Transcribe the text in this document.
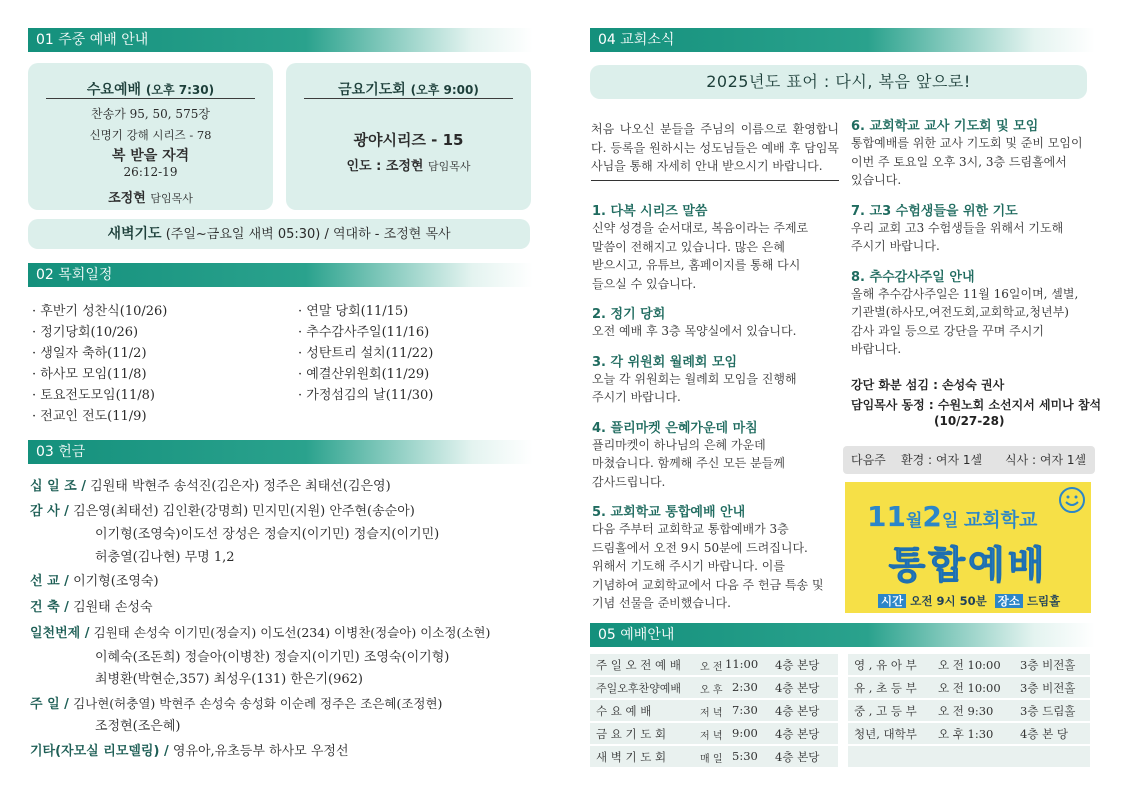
01 주중 예배 안내
수요예배 (오후 7:30)
찬송가 95, 50, 575장
신명기 강해 시리즈 - 78
복 받을 자격
26:12-19
조정현 담임목사
금요기도회 (오후 9:00)
광야시리즈 - 15
인도 : 조정현 담임목사
새벽기도 (주일~금요일 새벽 05:30) / 역대하 - 조정현 목사
02 목회일정
· 후반기 성찬식(10/26)
· 정기당회(10/26)
· 생일자 축하(11/2)
· 하사모 모임(11/8)
· 토요전도모임(11/8)
· 전교인 전도(11/9)
· 연말 당회(11/15)
· 추수감사주일(11/16)
· 성탄트리 설치(11/22)
· 예결산위원회(11/29)
· 가정섬김의 날(11/30)
03 헌금
십 일 조 / 김원태 박현주 송석진(김은자) 정주은 최태선(김은영)
감 사 / 김은영(최태선) 김인환(강명희) 민지민(지원) 안주현(송순아)
이기형(조영숙)이도선 장성은 정슬지(이기민) 정슬지(이기민)
허충열(김나현) 무명 1,2
선 교 / 이기형(조영숙)
건 축 / 김원태 손성숙
일천번제 / 김원태 손성숙 이기민(정슬지) 이도선(234) 이병찬(정슬아) 이소정(소현)
이혜숙(조돈희) 정슬아(이병찬) 정슬지(이기민) 조영숙(이기형)
최병환(박현순,357) 최성우(131) 한은기(962)
주 일 / 김나현(허충열) 박현주 손성숙 송성화 이순례 정주은 조은혜(조정현)
조정현(조은혜)
기타(자모실 리모델링) / 영유아,유초등부 하사모 우정선
04 교회소식
2025년도 표어 : 다시, 복음 앞으로!
처음 나오신 분들을 주님의 이름으로 환영합니다. 등록을 원하시는 성도님들은 예배 후 담임목사님을 통해 자세히 안내 받으시기 바랍니다.
1. 다복 시리즈 말씀
신약 성경을 순서대로, 복음이라는 주제로
말씀이 전해지고 있습니다. 많은 은혜
받으시고, 유튜브, 홈페이지를 통해 다시
들으실 수 있습니다.
2. 정기 당회
오전 예배 후 3층 목양실에서 있습니다.
3. 각 위원회 월례회 모임
오늘 각 위원회는 월례회 모임을 진행해
주시기 바랍니다.
4. 플리마켓 은혜가운데 마침
플리마켓이 하나님의 은혜 가운데
마쳤습니다. 함께해 주신 모든 분들께
감사드립니다.
5. 교회학교 통합예배 안내
다음 주부터 교회학교 통합예배가 3층
드림홀에서 오전 9시 50분에 드려집니다.
위해서 기도해 주시기 바랍니다. 이를
기념하여 교회학교에서 다음 주 헌금 특송 및
기념 선물을 준비했습니다.
6. 교회학교 교사 기도회 및 모임
통합예배를 위한 교사 기도회 및 준비 모임이
이번 주 토요일 오후 3시, 3층 드림홀에서
있습니다.
7. 고3 수험생들을 위한 기도
우리 교회 고3 수험생들을 위해서 기도해
주시기 바랍니다.
8. 추수감사주일 안내
올해 추수감사주일은 11월 16일이며, 셀별,
기관별(하사모,여전도회,교회학교,청년부)
감사 과일 등으로 강단을 꾸며 주시기
바랍니다.
강단 화분 섬김 : 손성숙 권사
담임목사 동정 : 수원노회 소선지서 세미나 참석
(10/27-28)
다음주 환경 : 여자 1셀 식사 : 여자 1셀
11월2일 교회학교
통합예배
시간 오전 9시 50분 장소 드림홀
05 예배안내
주 일 오 전 예 배 오 전 11:00 4층 본당
주일오후찬양예배 오 후 2:30 4층 본당
수 요 예 배	저 녁 7:30 4층 본당
금 요 기 도 회	저 녁 9:00 4층 본당
새 벽 기 도 회	매 일 5:30 4층 본당
영 , 유 아 부 오 전 10:00 3층 비전홀
유 , 초 등 부 오 전 10:00 3층 비전홀
중 , 고 등 부 오 전 9:30 3층 드림홀
청년, 대학부 오 후 1:30 4층 본 당
